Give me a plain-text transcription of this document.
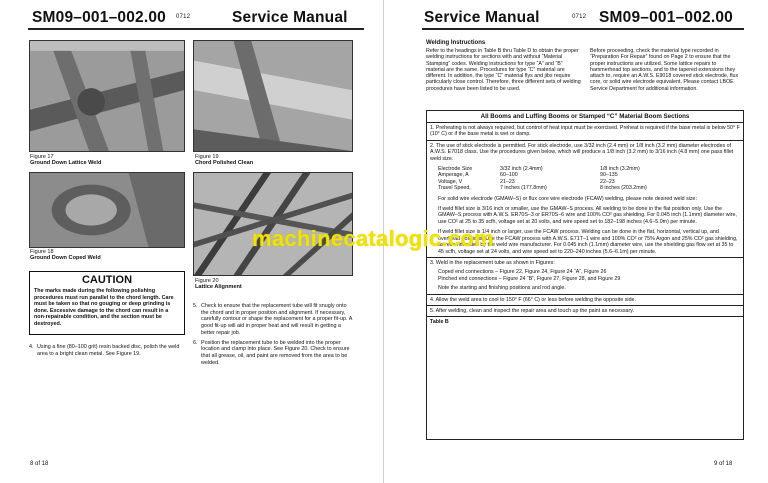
SM09–001–002.00 0712	Service Manual
Figure 17
Ground Down Lattice Weld
Figure 19
Chord Polished Clean
Figure 18
Ground Down Coped Weld
Figure 20
Lattice Alignment
CAUTION
The marks made during the following polishing procedures must run parallel to the chord length. Care must be taken so that no gouging or deep grinding is done. Excessive damage to the chord can result in a non-repairable condition, and the section must be destroyed.
4. Using a fine (80–100 grit) resin backed disc, polish the weld area to a bright clean metal. See Figure 19.
5. Check to ensure that the replacement tube will fit snugly onto the chord and in proper position and alignment. If necessary, carefully contour or shape the replacement for a proper fit-up. A good fit-up will aid in proper heat and will result in getting a better repair job.
6. Position the replacement tube to be welded into the proper location and clamp into place. See Figure 20. Check to ensure that all grease, oil, and paint are removed from the area to be welded.
8 of 18
Service Manual	0712 SM09–001–002.00
Welding Instructions
Refer to the headings in Table B thru Table D to obtain the proper welding instructions for sections with and without “Material Stamping” codes. Welding instructions for type “A” and “B” material are the same. Procedures for type “C” material are different. In addition, the type “C” material flys and jibs require particularly close control. Therefore, three different sets of welding procedures have been listed to be used.
Before proceeding, check the material type recorded in “Preparation For Repair” found on Page 2 to ensure that the proper instructions are utilized. Some lattice repairs to hammerhead top sections, and to the tapered extensions they attach to, require an A.W.S. E9018 covered stick electrode, flux core, or solid wire electrode equivalent. Please contact LBOE Service Department for additional information.
All Booms and Luffing Booms or Stamped “C” Material Boom Sections
1. Preheating is not always required, but control of heat input must be exercised. Preheat is required if the base metal is below 50° F (10° C) or if the base metal is wet or damp.
2. The use of stick electrode is permitted. For stick electrode, use 3/32 inch (2.4 mm) or 1/8 inch (3.2 mm) diameter electrodes of A.W.S. E7018 class. Use the procedures given below, which will produce a 1/8 inch (3.2 mm) to 3/16 inch (4.8 mm) one pass fillet weld size.
Electrode Size	3/32 inch (2.4mm)	1/8 inch (3.2mm)
Amperage, A	60–100	90–135
Voltage, V	21–23	22–23
Travel Speed,	7 inches (177.8mm)	8 inches (203.2mm)
For solid wire electrode (GMAW–S) or flux core wire electrode (FCAW) welding, please note desired weld size:
If weld fillet size is 3/16 inch or smaller, use the GMAW–S process. All welding to be done in the flat position only. Use the GMAW–S process with A.W.S. ER70S–3 or ER70S–6 wire and 100% CO² gas shielding. For 0.045 inch (1.1mm) diameter wire, use CO² at 25 to 35 scfh, voltage set at 20 volts, and wire speed set to 182–198 inches (4.6–5.0m) per minute.
If weld fillet size is 1/4 inch or larger, use the FCAW process. Welding can be done in the flat, horizontal, vertical up, and overhead positions. Use the FCAW process with A.W.S. E71T–1 wire and 100% CO² or 75% Argon and 25% CO² gas shielding, as recommended by the weld wire manufacturer. For 0.045 inch (1.1mm) diameter wire, use the shielding gas flow set at 35 to 45 scfh, voltage set at 24 volts, and wire speed set to 220–240 inches (5.6–6.1m) per minute.
3. Weld in the replacement tube as shown in Figures:
Coped end connections – Figure 22, Figure 24, Figure 24 “A”, Figure 26
Pinched end connections – Figure 24 “B”, Figure 27, Figure 28, and Figure 29
Note the starting and finishing positions and rod angle.
4. Allow the weld area to cool to 150° F (66° C) or less before welding the opposite side.
5. After welding, clean and inspect the repair area and touch up the paint as necessary.
Table B
9 of 18
machinecatalogic.com
